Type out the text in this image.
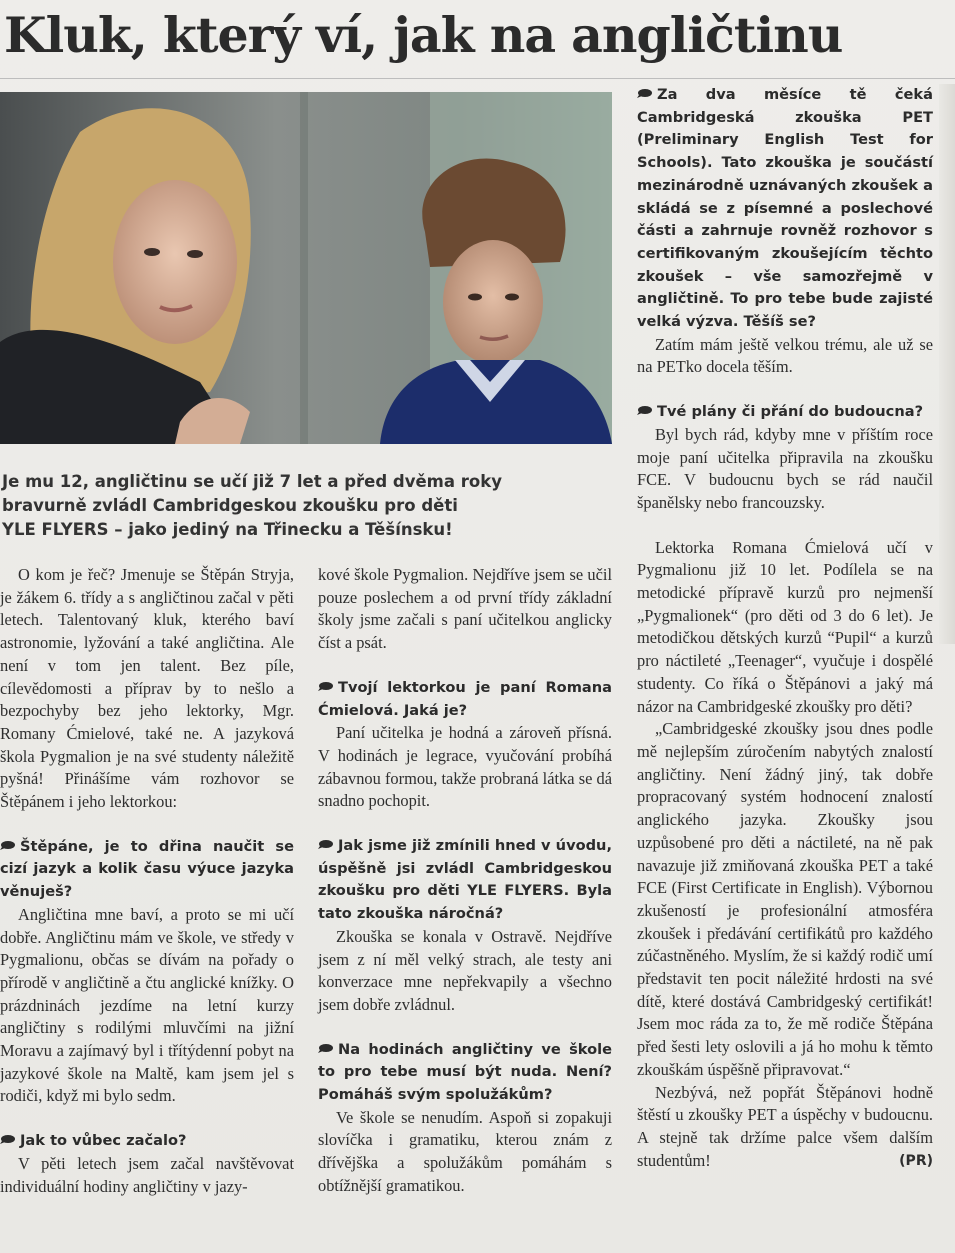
Kluk, který ví, jak na angličtinu

Je mu 12, angličtinu se učí již 7 let a před dvěma roky

bravurně zvládl Cambridgeskou zkoušku pro děti

YLE FLYERS – jako jediný na Třinecku a Těšínsku!

O kom je řeč? Jmenuje se Štěpán Stryja, je žákem 6. třídy a s angličtinou začal v pěti letech. Talentovaný kluk, kterého baví astronomie, lyžování a také angličtina. Ale není v tom jen talent. Bez píle, cílevědomosti a příprav by to nešlo a bezpochyby bez jeho lektorky, Mgr. Romany Ćmielové, také ne. A jazyková škola Pygmalion je na své studenty náležitě pyšná! Přinášíme vám rozhovor se Štěpánem i jeho lektorkou:

Štěpáne, je to dřina naučit se cizí jazyk a kolik času výuce jazyka věnuješ?

Angličtina mne baví, a proto se mi učí dobře. Angličtinu mám ve škole, ve středy v Pygmalionu, občas se dívám na pořady o přírodě v angličtině a čtu anglické knížky. O prázdninách jezdíme na letní kurzy angličtiny s rodilými mluvčími na jižní Moravu a zajímavý byl i třítýdenní pobyt na jazykové škole na Maltě, kam jsem jel s rodiči, když mi bylo sedm.

Jak to vůbec začalo?

V pěti letech jsem začal navštěvovat individuální hodiny angličtiny v jazy-

kové škole Pygmalion. Nejdříve jsem se učil pouze poslechem a od první třídy základní školy jsme začali s paní učitelkou anglicky číst a psát.

Tvojí lektorkou je paní Romana Ćmielová. Jaká je?

Paní učitelka je hodná a zároveň přísná. V hodinách je legrace, vyučování probíhá zábavnou formou, takže probraná látka se dá snadno pochopit.

Jak jsme již zmínili hned v úvodu, úspěšně jsi zvládl Cambridgeskou zkoušku pro děti YLE FLYERS. Byla tato zkouška náročná?

Zkouška se konala v Ostravě. Nejdříve jsem z ní měl velký strach, ale testy ani konverzace mne nepřekvapily a všechno jsem dobře zvládnul.

Na hodinách angličtiny ve škole to pro tebe musí být nuda. Není? Pomáháš svým spolužákům?

Ve škole se nenudím. Aspoň si zopakuji slovíčka i gramatiku, kterou znám z dřívějška a spolužákům pomáhám s obtížnější gramatikou.

Za dva měsíce tě čeká Cambridgeská zkouška PET (Preliminary English Test for Schools). Tato zkouška je součástí mezinárodně uznávaných zkoušek a skládá se z písemné a poslechové části a zahrnuje rovněž rozhovor s certifikovaným zkoušejícím těchto zkoušek – vše samozřejmě v angličtině. To pro tebe bude zajisté velká výzva. Těšíš se?

Zatím mám ještě velkou trému, ale už se na PETko docela těším.

Tvé plány či přání do budoucna?

Byl bych rád, kdyby mne v příštím roce moje paní učitelka připravila na zkoušku FCE. V budoucnu bych se rád naučil španělsky nebo francouzsky.

Lektorka Romana Ćmielová učí v Pygmalionu již 10 let. Podílela se na metodické přípravě kurzů pro nejmenší „Pygmalionek“ (pro děti od 3 do 6 let). Je metodičkou dětských kurzů “Pupil“ a kurzů pro náctileté „Teenager“, vyučuje i dospělé studenty. Co říká o Štěpánovi a jaký má názor na Cambridgeské zkoušky pro děti?

„Cambridgeské zkoušky jsou dnes podle mě nejlepším zúročením nabytých znalostí angličtiny. Není žádný jiný, tak dobře propracovaný systém hodnocení znalostí anglického jazyka. Zkoušky jsou uzpůsobené pro děti a náctileté, na ně pak navazuje již zmiňovaná zkouška PET a také FCE (First Certificate in English). Výbornou zkušeností je profesionální atmosféra zkoušek i předávání certifikátů pro každého zúčastněného. Myslím, že si každý rodič umí představit ten pocit náležité hrdosti na své dítě, které dostává Cambridgeský certifikát! Jsem moc ráda za to, že mě rodiče Štěpána před šesti lety oslovili a já ho mohu k těmto zkouškám úspěšně připravovat.“

Nezbývá, než popřát Štěpánovi hodně štěstí u zkoušky PET a úspěchy v budoucnu. A stejně tak držíme palce všem dalším studentům!	(PR)
